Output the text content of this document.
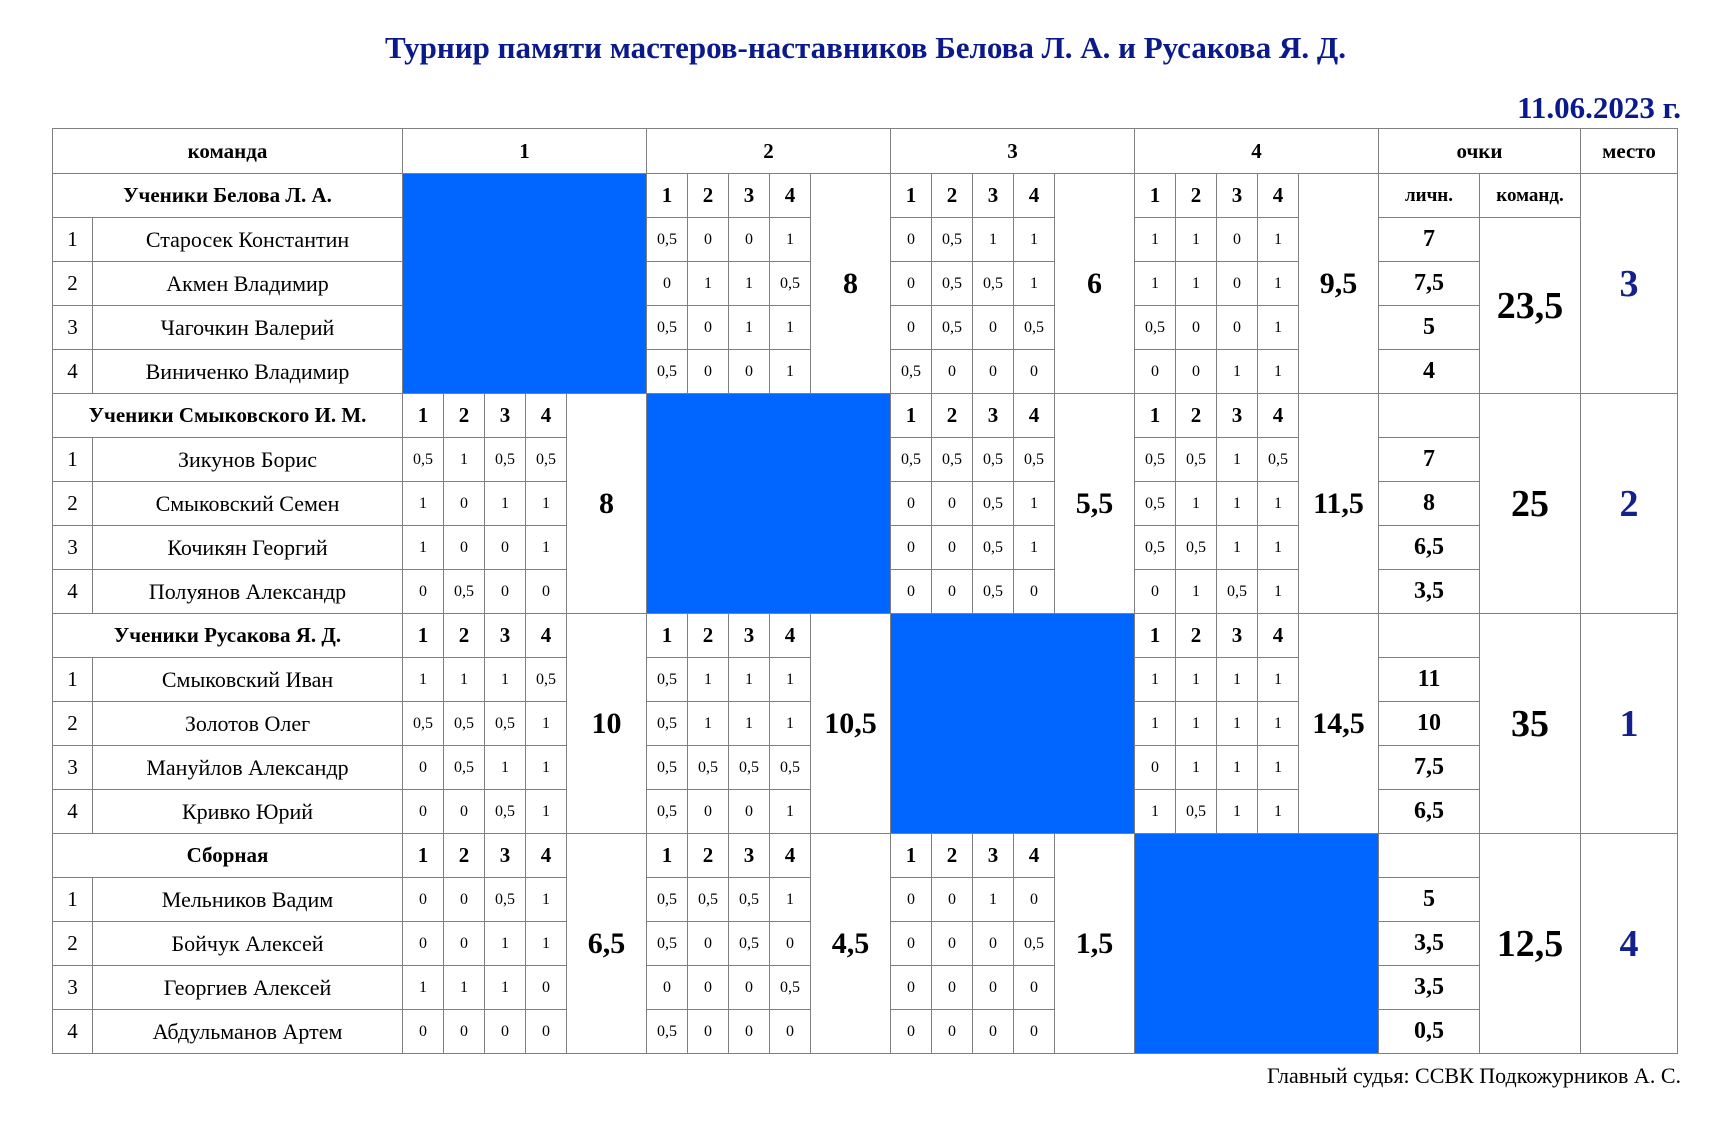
Турнир памяти мастеров-наставников Белова Л. А. и Русакова Я. Д.
11.06.2023 г.
команда		1					2					3					4					очки		место
Ученики Белова Л. А.							1	2	3	4	8	1	2	3	4	6	1	2	3	4	9,5	личн.	команд.	3
1	Старосек Константин						0,5	0	0	1		0	0,5	1	1		1	1	0	1		7	23,5	
2	Акмен Владимир						0	1	1	0,5		0	0,5	0,5	1		1	1	0	1		7,5		
3	Чагочкин Валерий						0,5	0	1	1		0	0,5	0	0,5		0,5	0	0	1		5		
4	Виниченко Владимир						0,5	0	0	1		0,5	0	0	0		0	0	1	1		4		
Ученики Смыковского И. М.		1	2	3	4	8						1	2	3	4	5,5	1	2	3	4	11,5		25	2
1	Зикунов Борис	0,5	1	0,5	0,5							0,5	0,5	0,5	0,5		0,5	0,5	1	0,5		7		
2	Смыковский Семен	1	0	1	1							0	0	0,5	1		0,5	1	1	1		8		
3	Кочикян Георгий	1	0	0	1							0	0	0,5	1		0,5	0,5	1	1		6,5		
4	Полуянов Александр	0	0,5	0	0							0	0	0,5	0		0	1	0,5	1		3,5		
Ученики Русакова Я. Д.		1	2	3	4	10	1	2	3	4	10,5						1	2	3	4	14,5		35	1
1	Смыковский Иван	1	1	1	0,5		0,5	1	1	1							1	1	1	1		11		
2	Золотов Олег	0,5	0,5	0,5	1		0,5	1	1	1							1	1	1	1		10		
3	Мануйлов Александр	0	0,5	1	1		0,5	0,5	0,5	0,5							0	1	1	1		7,5		
4	Кривко Юрий	0	0	0,5	1		0,5	0	0	1							1	0,5	1	1		6,5		
Сборная		1	2	3	4	6,5	1	2	3	4	4,5	1	2	3	4	1,5							12,5	4
1	Мельников Вадим	0	0	0,5	1		0,5	0,5	0,5	1		0	0	1	0							5		
2	Бойчук Алексей	0	0	1	1		0,5	0	0,5	0		0	0	0	0,5							3,5		
3	Георгиев Алексей	1	1	1	0		0	0	0	0,5		0	0	0	0							3,5		
4	Абдульманов Артем	0	0	0	0		0,5	0	0	0		0	0	0	0							0,5		
Главный судья: ССВК Подкожурников А. С.
